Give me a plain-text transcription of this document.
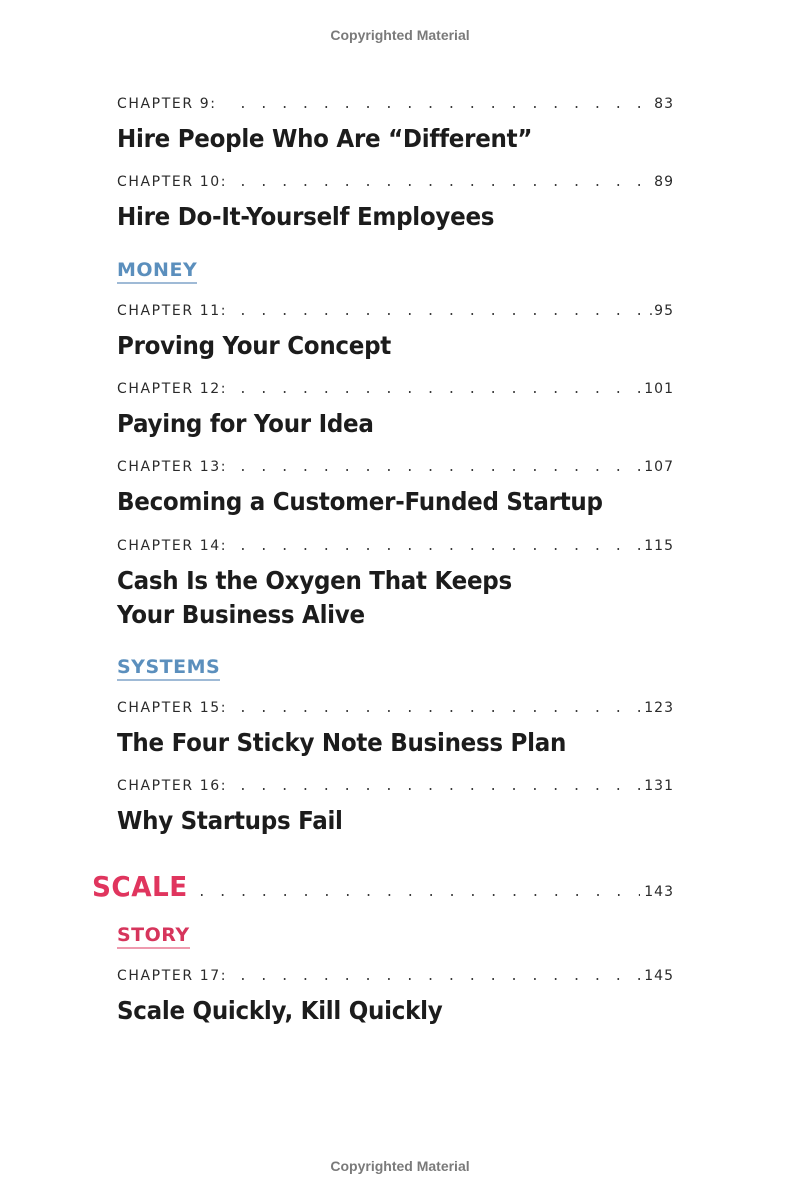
Copyrighted Material
CHAPTER 9: . . .	83
Hire People Who Are “Different”
CHAPTER 10: . . .	89
Hire Do-It-Yourself Employees
MONEY
CHAPTER 11: . . .	.95
Proving Your Concept
CHAPTER 12: . . .	101
Paying for Your Idea
CHAPTER 13: . . .	107
Becoming a Customer-Funded Startup
CHAPTER 14: . . .	115
Cash Is the Oxygen That Keeps
Your Business Alive
SYSTEMS
CHAPTER 15: . . .	123
The Four Sticky Note Business Plan
CHAPTER 16: . . .	131
Why Startups Fail
SCALE . . .	143
STORY
CHAPTER 17: . . .	145
Scale Quickly, Kill Quickly
Copyrighted Material
